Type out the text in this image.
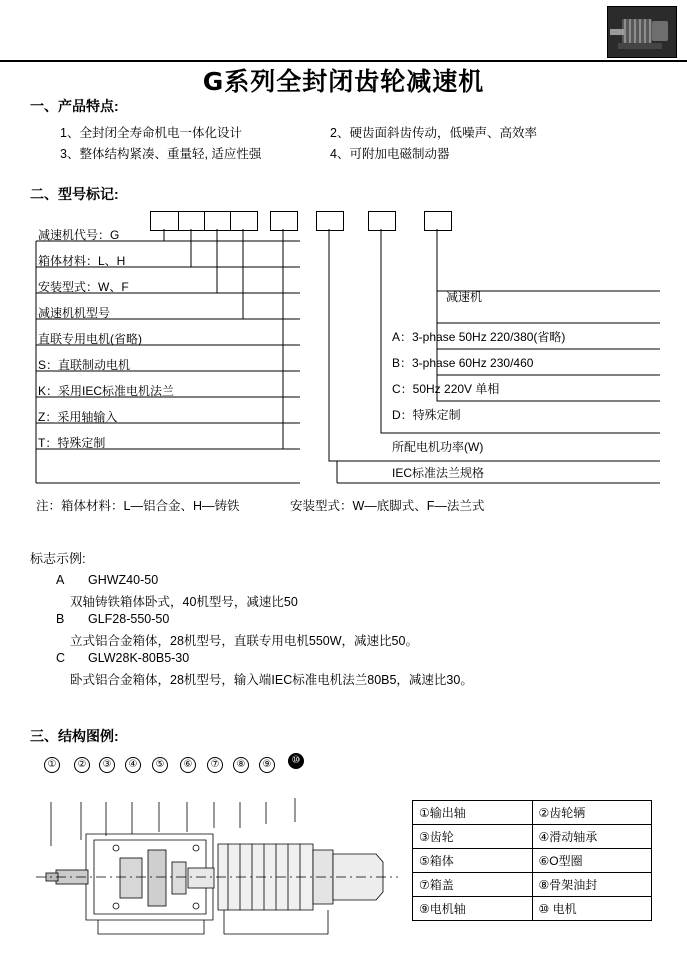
G系列全封闭齿轮减速机
一、产品特点:
1、全封闭全寿命机电一体化设计	2、硬齿面斜齿传动，低噪声、高效率
3、整体结构紧凑、重量轻, 适应性强	4、可附加电磁制动器
二、型号标记:
减速机代号：G
箱体材料：L、H
安装型式：W、F
减速机机型号
直联专用电机(省略)
S：直联制动电机
K：采用IEC标准电机法兰
Z：采用轴输入
T：特殊定制
减速机
A：3-phase 50Hz 220/380(省略)
B：3-phase 60Hz 230/460
C：50Hz 220V 单相
D：特殊定制
所配电机功率(W)
IEC标准法兰规格
注：箱体材料：L—铝合金、H—铸铁	安装型式：W—底脚式、F—法兰式
标志示例:
A GHWZ40-50
双轴铸铁箱体卧式，40机型号，减速比50
B GLF28-550-50
立式铝合金箱体，28机型号，直联专用电机550W，减速比50。
C GLW28K-80B5-30
卧式铝合金箱体，28机型号，输入端IEC标准电机法兰80B5，减速比30。
三、结构图例:
①	②	③	④	⑤	⑥	⑦	⑧	⑨	⑩
①输出轴	②齿轮辆
③齿轮	④滑动轴承
⑤箱体	⑥O型圈
⑦箱盖	⑧骨架油封
⑨电机轴	⑩ 电机
